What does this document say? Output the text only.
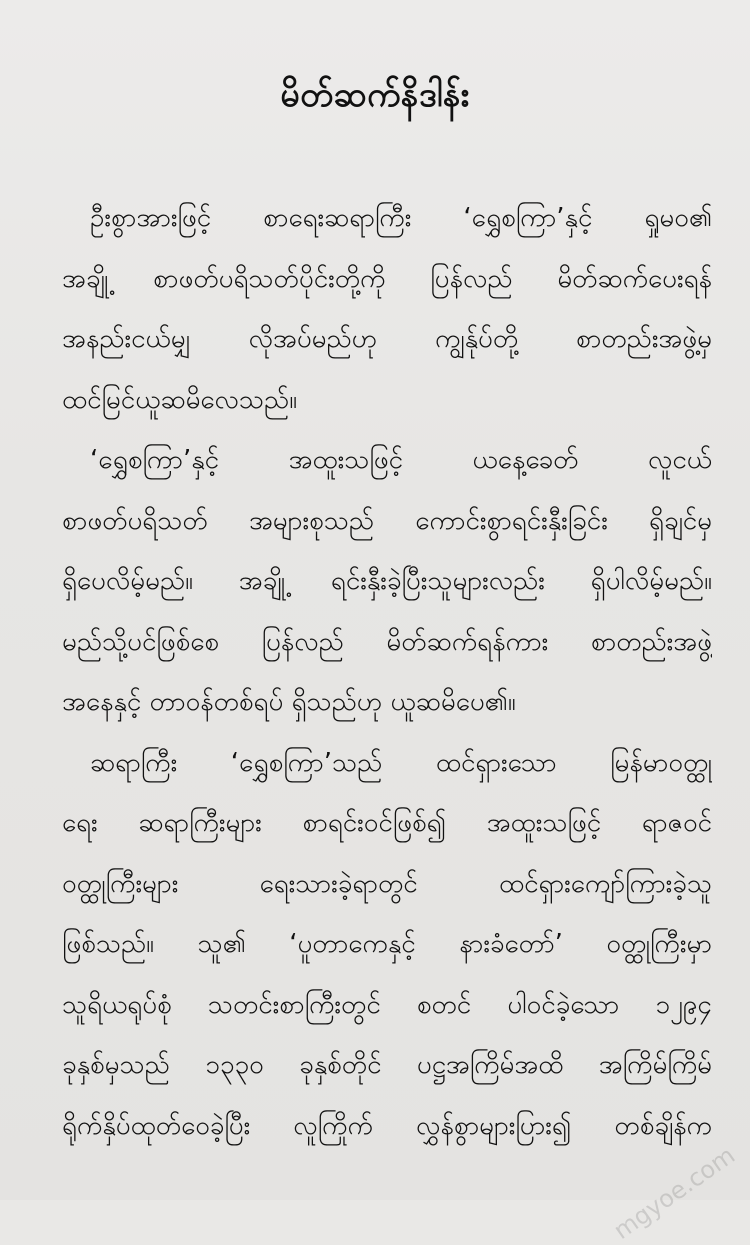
မိတ်ဆက်နိဒါန်း
ဦးစွာအားဖြင့် စာရေးဆရာကြီး ‘ရွှေစကြာ’နှင့် ရှုမဝ၏
အချို့ စာဖတ်ပရိသတ်ပိုင်းတို့ကို ပြန်လည် မိတ်ဆက်ပေးရန်
အနည်းငယ်မျှ လိုအပ်မည်ဟု ကျွန်ုပ်တို့ စာတည်းအဖွဲ့မှ
ထင်မြင်ယူဆမိလေသည်။
‘ရွှေစကြာ’နှင့် အထူးသဖြင့် ယနေ့ခေတ် လူငယ်
စာဖတ်ပရိသတ် အများစုသည် ကောင်းစွာရင်းနှီးခြင်း ရှိချင်မှ
ရှိပေလိမ့်မည်။ အချို့ ရင်းနှီးခဲ့ပြီးသူများလည်း ရှိပါလိမ့်မည်။
မည်သို့ပင်ဖြစ်စေ ပြန်လည် မိတ်ဆက်ရန်ကား စာတည်းအဖွဲ့
အနေနှင့် တာဝန်တစ်ရပ် ရှိသည်ဟု ယူဆမိပေ၏။
ဆရာကြီး ‘ရွှေစကြာ’သည် ထင်ရှားသော မြန်မာဝတ္ထု
ရေး ဆရာကြီးများ စာရင်းဝင်ဖြစ်၍ အထူးသဖြင့် ရာဇဝင်
ဝတ္ထုကြီးများ ရေးသားခဲ့ရာတွင် ထင်ရှားကျော်ကြားခဲ့သူ
ဖြစ်သည်။ သူ၏ ‘ပူတာကေနှင့် နားခံတော်’ ဝတ္ထုကြီးမှာ
သူရိယရုပ်စုံ သတင်းစာကြီးတွင် စတင် ပါဝင်ခဲ့သော ၁၂၉၄
ခုနှစ်မှသည် ၁၃၃၀ ခုနှစ်တိုင် ပဋ္ဌအကြိမ်အထိ အကြိမ်ကြိမ်
ရိုက်နှိပ်ထုတ်ဝေခဲ့ပြီး လူကြိုက် လွှန်စွာများပြား၍ တစ်ချိန်က
mgyoe.com
